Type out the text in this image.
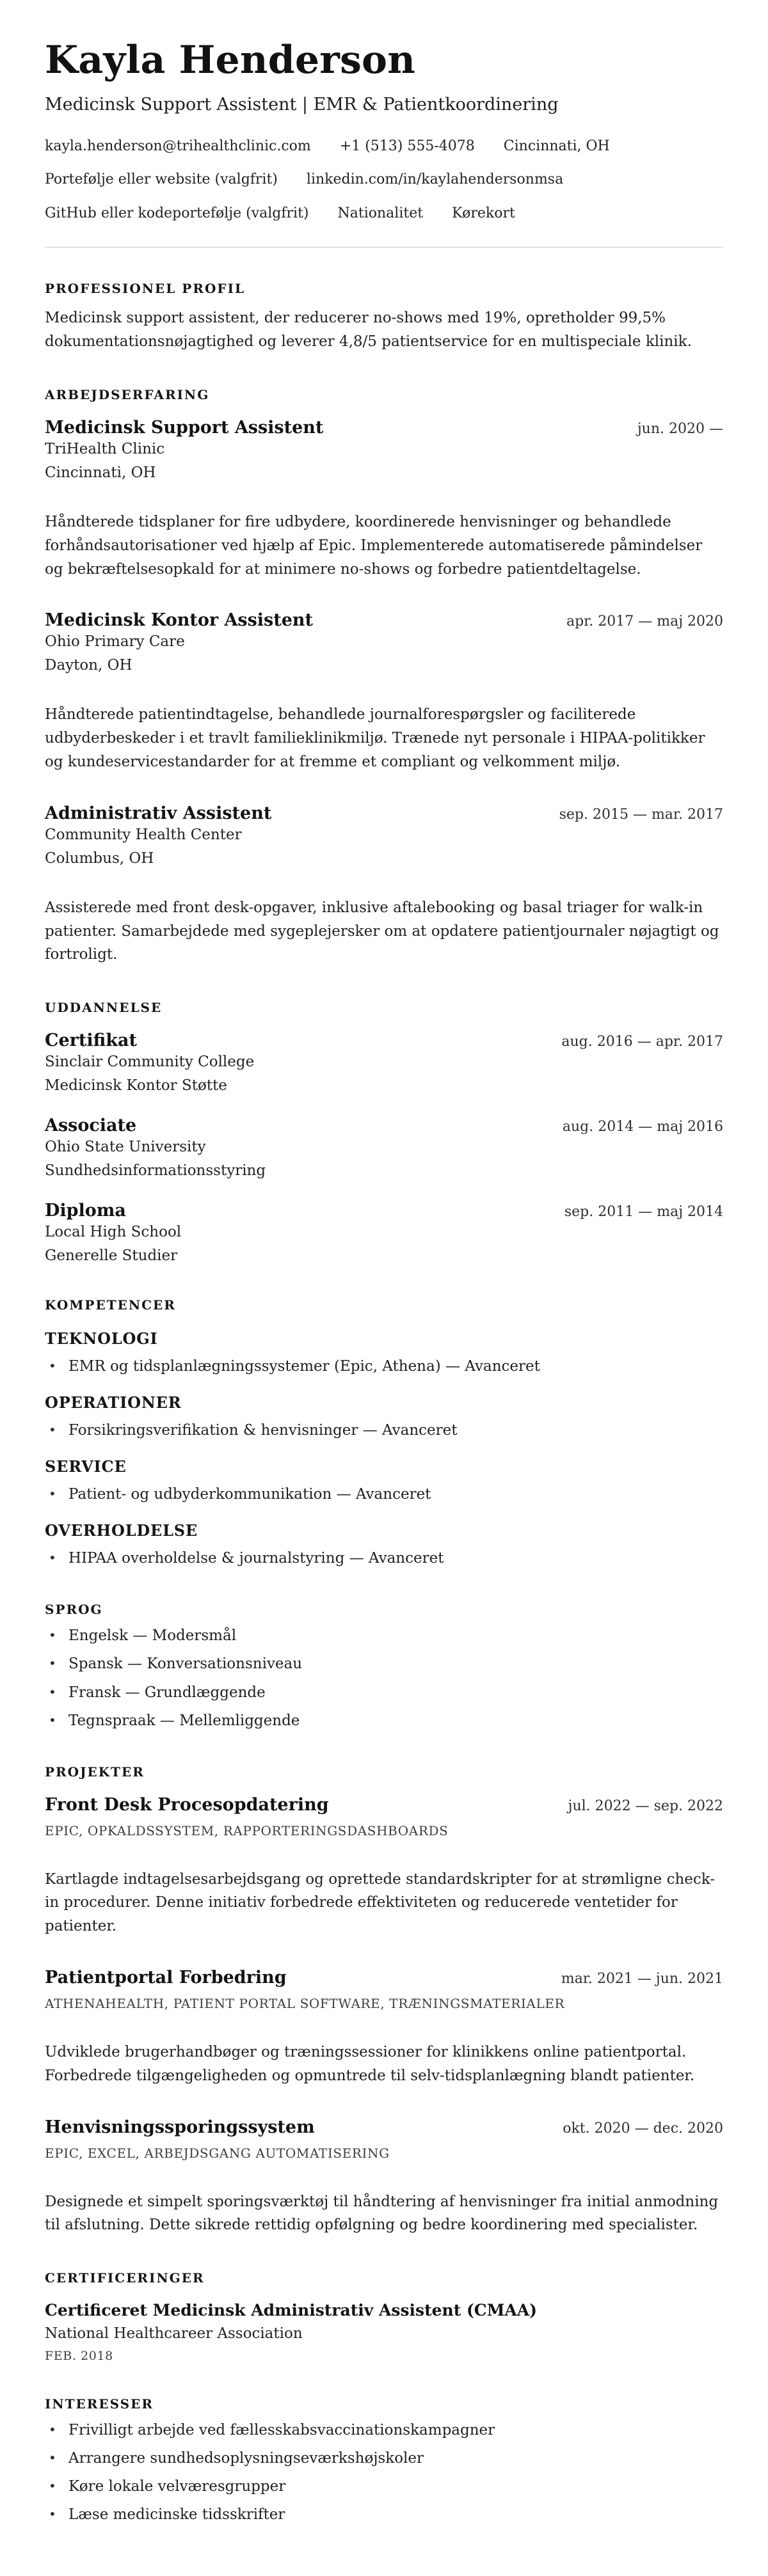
Kayla Henderson

Medicinsk Support Assistent | EMR & Patientkoordinering

kayla.henderson@trihealthclinic.com +1 (513) 555-4078 Cincinnati, OH

Portefølje eller website (valgfrit) linkedin.com/in/kaylahendersonmsa

GitHub eller kodeportefølje (valgfrit) Nationalitet Kørekort

PROFESSIONEL PROFIL

Medicinsk support assistent, der reducerer no-shows med 19%, opretholder 99,5% dokumentationsnøjagtighed og leverer 4,8/5 patientservice for en multispeciale klinik.

ARBEJDSERFARING
Medicinsk Support Assistent	jun. 2020 —

TriHealth Clinic

Cincinnati, OH

Håndterede tidsplaner for fire udbydere, koordinerede henvisninger og behandlede forhåndsautorisationer ved hjælp af Epic. Implementerede automatiserede påmindelser og bekræftelsesopkald for at minimere no-shows og forbedre patientdeltagelse.

Medicinsk Kontor Assistent	apr. 2017 — maj 2020

Ohio Primary Care

Dayton, OH

Håndterede patientindtagelse, behandlede journalforespørgsler og faciliterede udbyderbeskeder i et travlt familieklinikmiljø. Trænede nyt personale i HIPAA-politikker og kundeservicestandarder for at fremme et compliant og velkomment miljø.

Administrativ Assistent	sep. 2015 — mar. 2017

Community Health Center

Columbus, OH

Assisterede med front desk-opgaver, inklusive aftalebooking og basal triager for walk-in patienter. Samarbejdede med sygeplejersker om at opdatere patientjournaler nøjagtigt og fortroligt.

UDDANNELSE
Certifikat	aug. 2016 — apr. 2017

Sinclair Community College

Medicinsk Kontor Støtte

Associate	aug. 2014 — maj 2016

Ohio State University

Sundhedsinformationsstyring

Diploma	sep. 2011 — maj 2014

Local High School

Generelle Studier

KOMPETENCER
TEKNOLOGI
• EMR og tidsplanlægningssystemer (Epic, Athena) — Avanceret
OPERATIONER
• Forsikringsverifikation & henvisninger — Avanceret
SERVICE
• Patient- og udbyderkommunikation — Avanceret
OVERHOLDELSE
• HIPAA overholdelse & journalstyring — Avanceret
SPROG
• Engelsk — Modersmål
• Spansk — Konversationsniveau
• Fransk — Grundlæggende
• Tegnspraak — Mellemliggende
PROJEKTER
Front Desk Procesopdatering	jul. 2022 — sep. 2022

EPIC, OPKALDSSYSTEM, RAPPORTERINGSDASHBOARDS

Kartlagde indtagelsesarbejdsgang og oprettede standardskripter for at strømligne check-in procedurer. Denne initiativ forbedrede effektiviteten og reducerede ventetider for patienter.

Patientportal Forbedring	mar. 2021 — jun. 2021

ATHENAHEALTH, PATIENT PORTAL SOFTWARE, TRÆNINGSMATERIALER

Udviklede brugerhandbøger og træningssessioner for klinikkens online patientportal. Forbedrede tilgængeligheden og opmuntrede til selv-tidsplanlægning blandt patienter.

Henvisningssporingssystem	okt. 2020 — dec. 2020

EPIC, EXCEL, ARBEJDSGANG AUTOMATISERING

Designede et simpelt sporingsværktøj til håndtering af henvisninger fra initial anmodning til afslutning. Dette sikrede rettidig opfølgning og bedre koordinering med specialister.

CERTIFICERINGER
Certificeret Medicinsk Administrativ Assistent (CMAA)

National Healthcareer Association

FEB. 2018

INTERESSER
• Frivilligt arbejde ved fællesskabsvaccinationskampagner
• Arrangere sundhedsoplysningseværkshøjskoler
• Køre lokale velværesgrupper
• Læse medicinske tidsskrifter
